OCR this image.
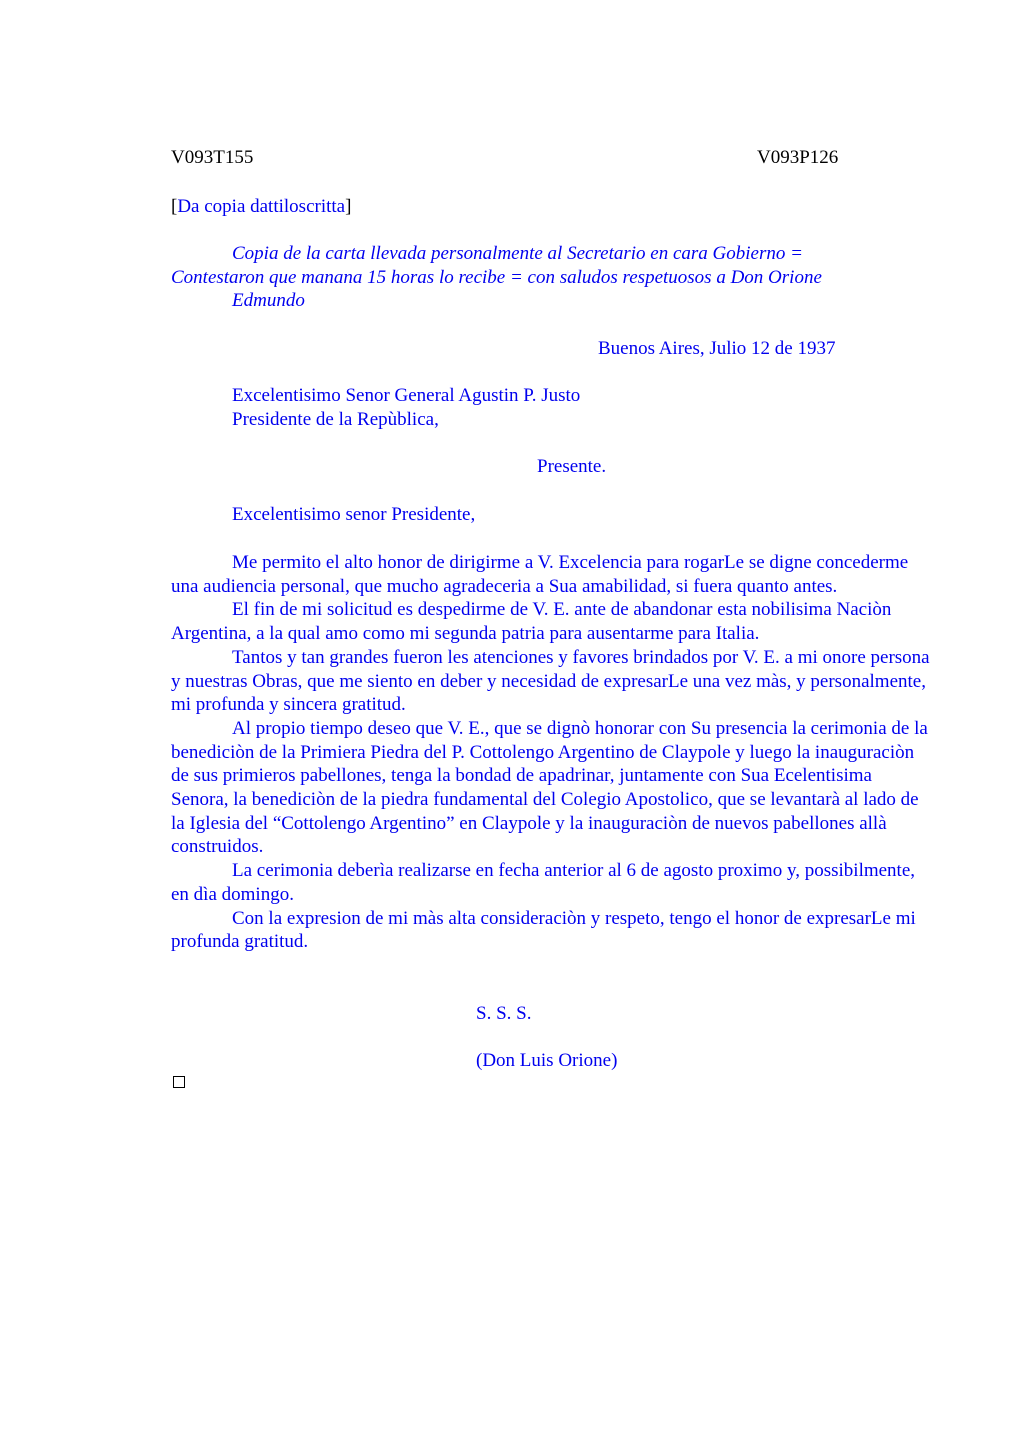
V093T155	V093P126
[Da copia dattiloscritta]

Copia de la carta llevada personalmente al Secretario en cara Gobierno =

Contestaron que manana 15 horas lo recibe = con saludos respetuosos a Don Orione

Edmundo

Buenos Aires, Julio 12 de 1937
Excelentisimo Senor General Agustin P. Justo
Presidente de la Repùblica,
Presente.
Excelentisimo senor Presidente,

Me permito el alto honor de dirigirme a V. Excelencia para rogarLe se digne concederme una audiencia personal, que mucho agradeceria a Sua amabilidad, si fuera quanto antes.

El fin de mi solicitud es despedirme de V. E. ante de abandonar esta nobilisima Naciòn Argentina, a la qual amo como mi segunda patria para ausentarme para Italia.

Tantos y tan grandes fueron les atenciones y favores brindados por V. E. a mi onore persona y nuestras Obras, que me siento en deber y necesidad de expresarLe una vez màs, y personalmente, mi profunda y sincera gratitud.

Al propio tiempo deseo que V. E., que se dignò honorar con Su presencia la cerimonia de la benediciòn de la Primiera Piedra del P. Cottolengo Argentino de Claypole y luego la inauguraciòn de sus primieros pabellones, tenga la bondad de apadrinar, juntamente con Sua Ecelentisima Senora, la benediciòn de la piedra fundamental del Colegio Apostolico, que se levantarà al lado de la Iglesia del “Cottolengo Argentino” en Claypole y la inauguraciòn de nuevos pabellones allà construidos.

La cerimonia deberìa realizarse en fecha anterior al 6 de agosto proximo y, possibilmente, en dìa domingo.

Con la expresion de mi màs alta consideraciòn y respeto, tengo el honor de expresarLe mi profunda gratitud.

S. S. S.
(Don Luis Orione)
